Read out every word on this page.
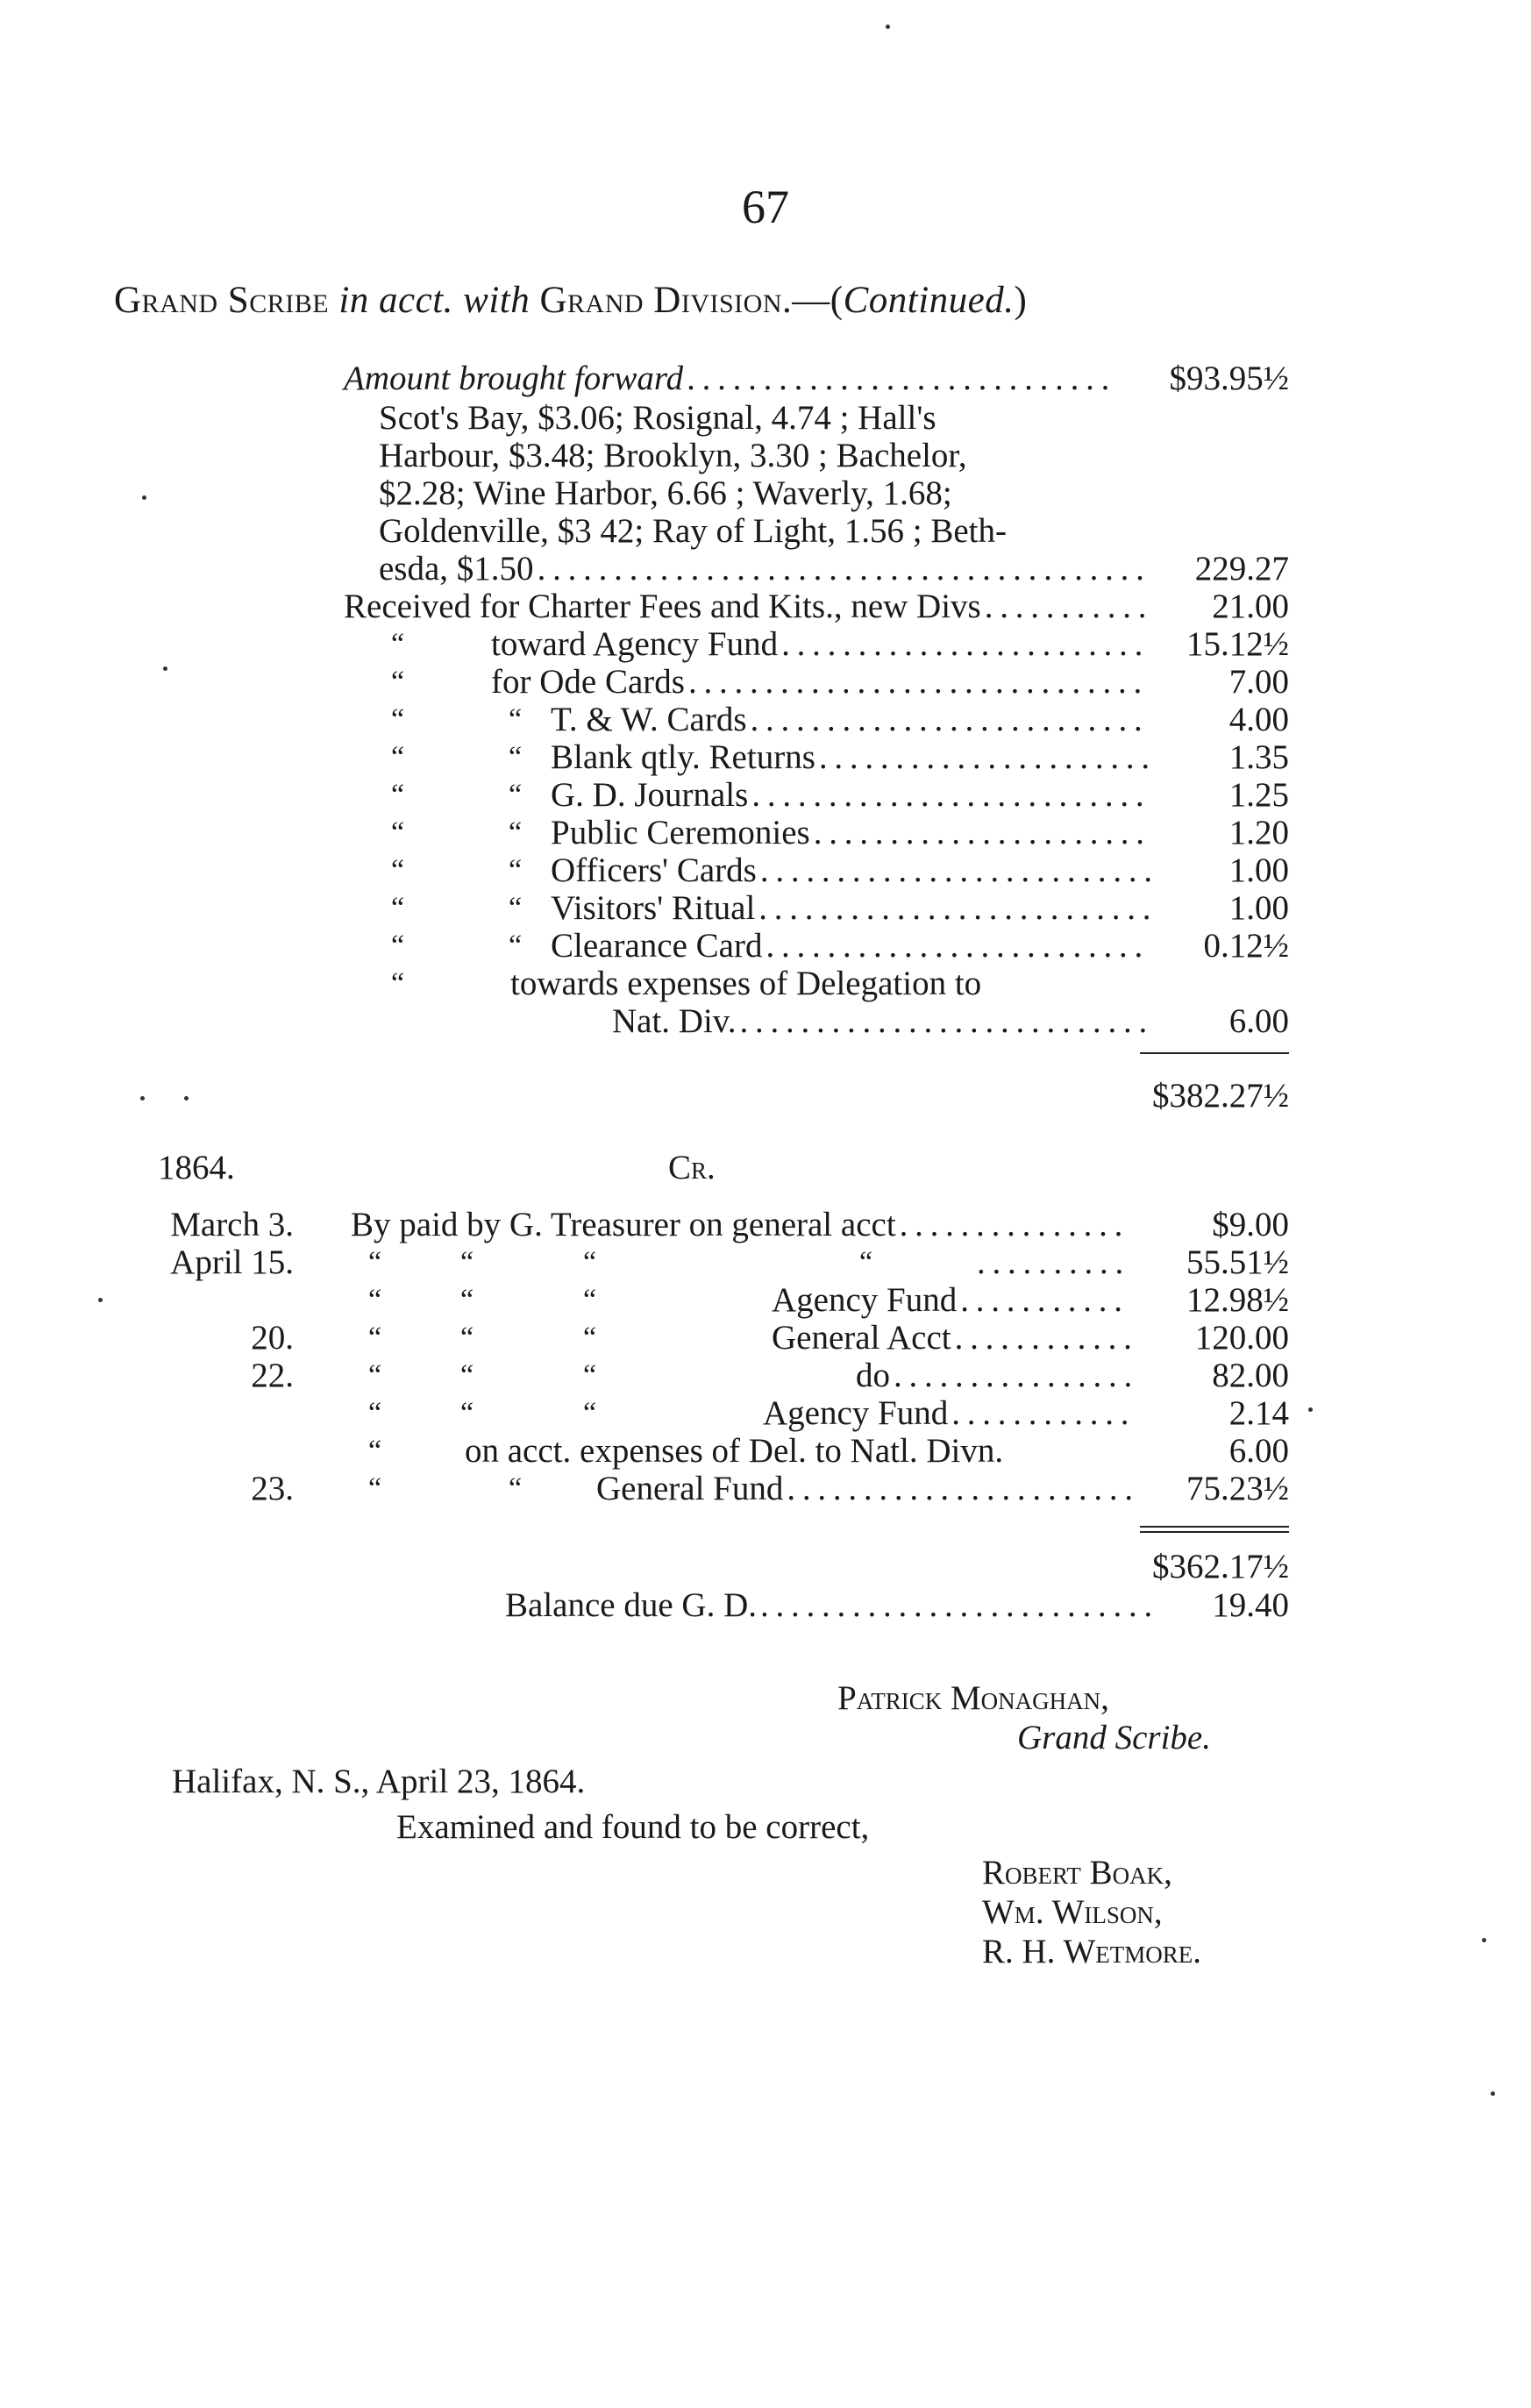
67
Grand Scribe in acct. with Grand Division.—(Continued.)
Amount brought forward . . .	$93.95½
Scot's Bay, $3.06; Rosignal, 4.74 ; Hall's
Harbour, $3.48; Brooklyn, 3.30 ; Bachelor,
$2.28; Wine Harbor, 6.66 ; Waverly, 1.68;
Goldenville, $3 42; Ray of Light, 1.56 ; Beth-
esda, $1.50 . . .	229.27
Received for Charter Fees and Kits., new Divs . . .	21.00
“	toward Agency Fund . . .	15.12½
“	for Ode Cards . . .	7.00
“	“ T. & W. Cards . . .	4.00
“	“ Blank qtly. Returns . . .	1.35
“	“ G. D. Journals . . .	1.25
“	“ Public Ceremonies . . .	1.20
“	“ Officers' Cards . . .	1.00
“	“ Visitors' Ritual . . .	1.00
“	“ Clearance Card . . .	0.12½
“	towards expenses of Delegation to
Nat. Div. . . .	6.00
$382.27½
1864.	Cr.
March 3. By paid by G. Treasurer on general acct . . .	$9.00
April 15.	“	“	“	“ . . .	55.51½
“	“	“	Agency Fund . . .	12.98½
20.	“	“	“	General Acct . . .	120.00
22.	“	“	“	do . . .	82.00
“	“	“	Agency Fund . . .	2.14
“ on acct. expenses of Del. to Natl. Divn.	6.00
23.	“	“ General Fund . . .	75.23½
$362.17½
Balance due G. D. . . .	19.40
Patrick Monaghan,
Grand Scribe.
Halifax, N. S., April 23, 1864.
Examined and found to be correct,
Robert Boak,
Wm. Wilson,
R. H. Wetmore.
